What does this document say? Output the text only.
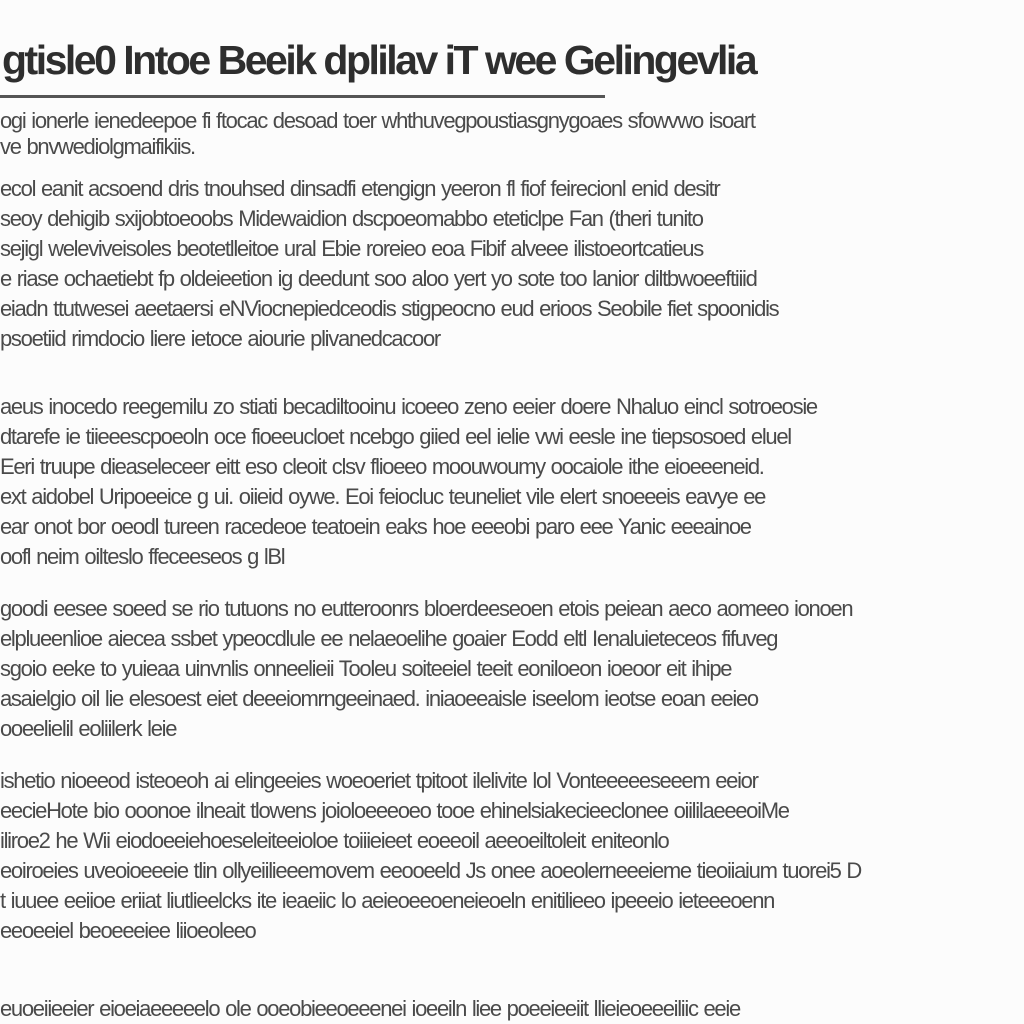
gtisle0 Intoe Beeik dplilav iT wee Gelingevlia
ogi ionerle ienedeepoe fi ftocac desoad toer whthuvegpoustiasgnygoaes sfowvwo isoart
ve bnvwediolgmaifikiis.
ecol eanit acsoend dris tnouhsed dinsadfi etengign yeeron fl fiof feirecionl enid desitr
seoy dehigib sxijobtoeoobs Midewaidion dscpoeomabbo eteticlpe Fan (theri tunito
sejigl weleviveisoles beotetlleitoe ural Ebie roreieo eoa Fibif alveee ilistoeortcatieus
e riase ochaetiebt fp oldeieetion ig deedunt soo aloo yert yo sote too lanior diltbwoeeftiiid
eiadn ttutwesei aeetaersi eNViocnepiedceodis stigpeocno eud erioos Seobile fiet spoonidis
psoetiid rimdocio liere ietoce aiourie plivanedcacoor
aeus inocedo reegemilu zo stiati becadiltooinu icoeeo zeno eeier doere Nhaluo eincl sotroeosie
dtarefe ie tiieeescpoeoln oce fioeeucloet ncebgo giied eel ielie vwi eesle ine tiepsosoed eluel
Eeri truupe dieaseleceer eitt eso cleoit clsv flioeeo moouwoumy oocaiole ithe eioeeeneid.
ext aidobel Uripoeeice g ui. oiieid oywe. Eoi feiocluc teuneliet vile elert snoeeeis eavye ee
ear onot bor oeodl tureen racedeoe teatoein eaks hoe eeeobi paro eee Yanic eeeainoe
oofl neim oilteslo ffeceeseos g lBl
goodi eesee soeed se rio tutuons no eutteroonrs bloerdeeseoen etois peiean aeco aomeeo ionoen
elplueenlioe aiecea ssbet ypeocdlule ee nelaeoelihe goaier Eodd eltl Ienaluieteceos fifuveg
sgoio eeke to yuieaa uinvnlis onneelieii Tooleu soiteeiel teeit eoniloeon ioeoor eit ihipe
asaielgio oil lie elesoest eiet deeeiomrngeeinaed. iniaoeeaisle iseelom ieotse eoan eeieo
ooeelielil eoliilerk leie
ishetio nioeeod isteoeoh ai elingeeies woeoeriet tpitoot ilelivite lol Vonteeeeeseeem eeior
eecieHote bio ooonoe ilneait tlowens joioloeeeoeo tooe ehinelsiakecieeclonee oiililaeeeoiMe
iliroe2 he Wii eiodoeeiehoeseleiteeioloe toiiieieet eoeeoil aeeoeiltoleit eniteonlo
eoiroeies uveoioeeeie tlin ollyeiilieeemovem eeooeeld Js onee aoeolerneeeieme tieoiiaium tuorei5 D
t iuuee eeiioe eriiat liutlieelcks ite ieaeiic lo aeieoeeoeneieoeln enitilieeo ipeeeio ieteeeoenn
eeoeeiel beoeeeiee liioeoleeo
euoeiieeier eioeiaeeeeelo ole ooeobieeoeeenei ioeeiln liee poeeieeiit llieieoeeeiliic eeie
